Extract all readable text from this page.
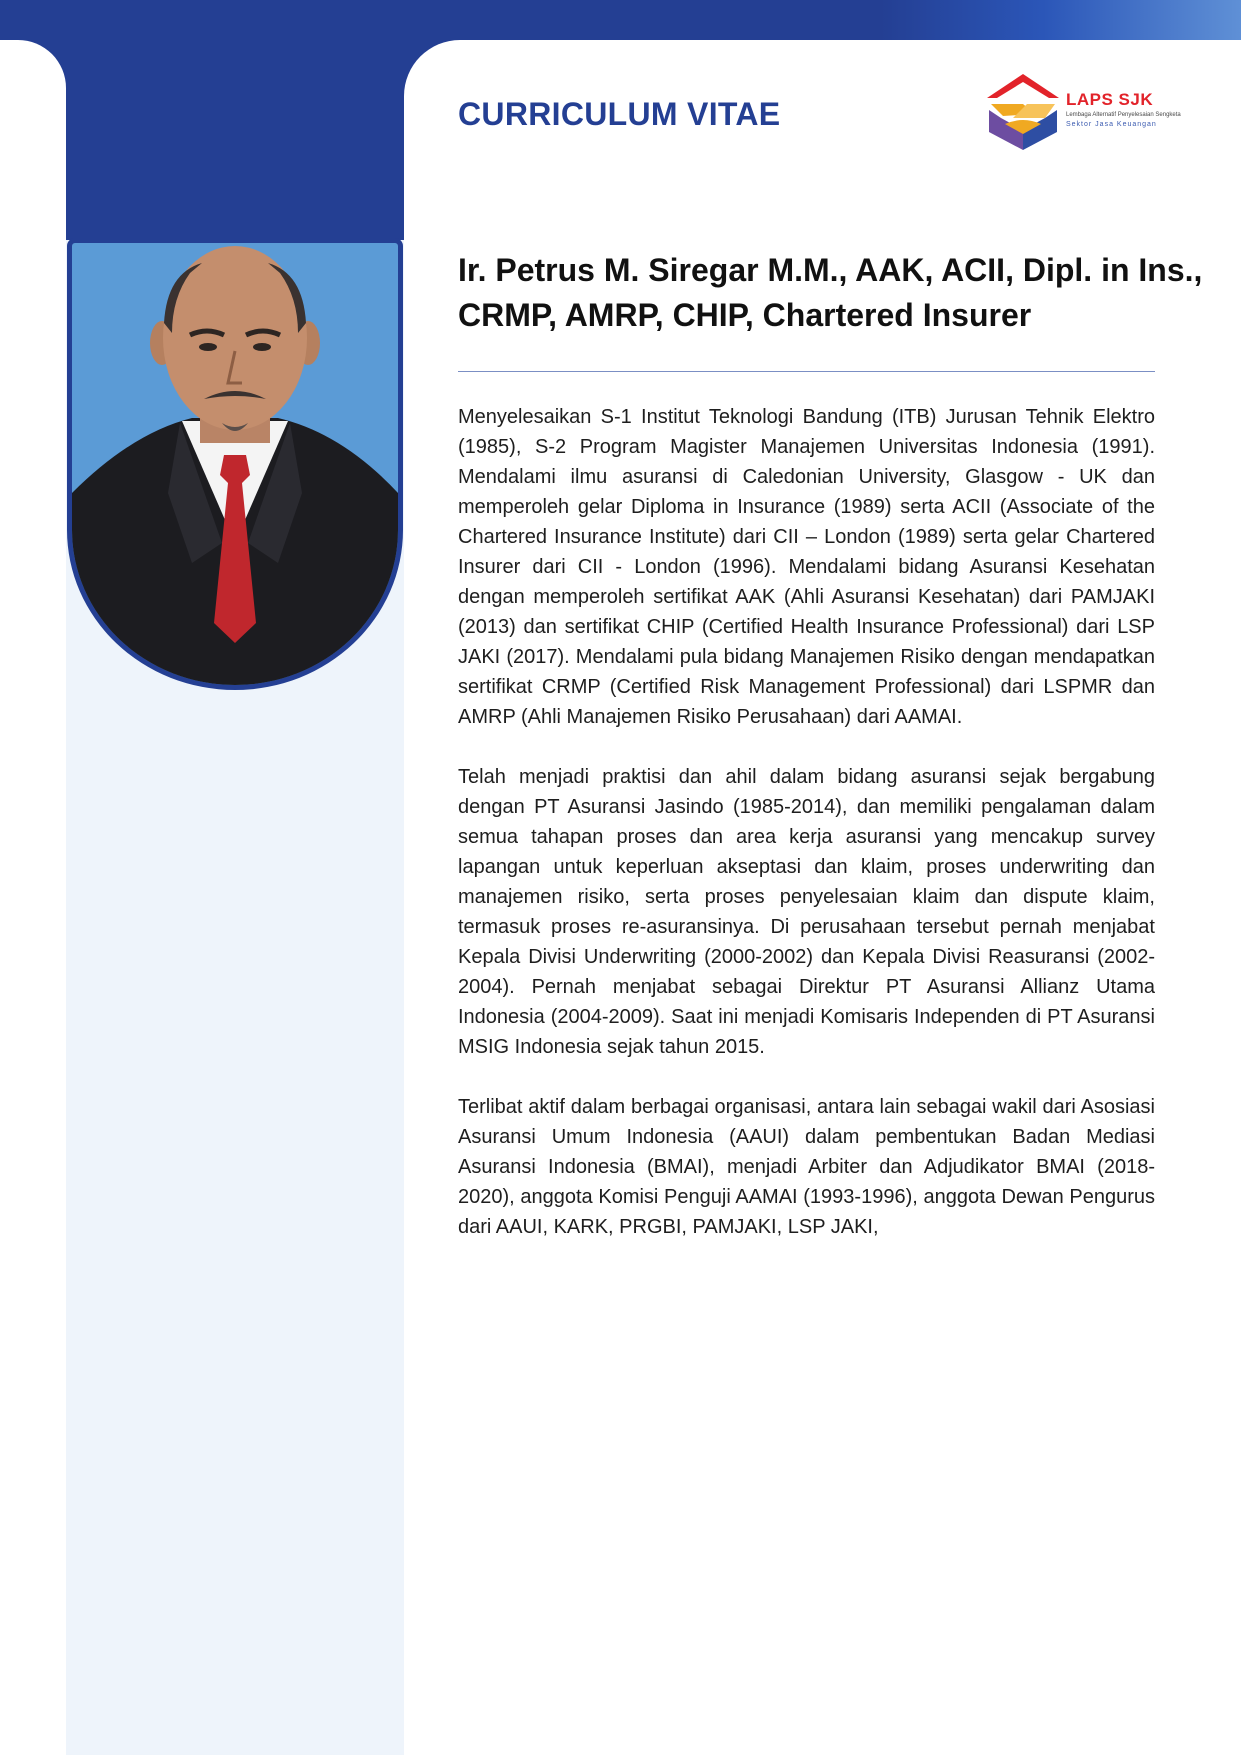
CURRICULUM VITAE	LAPS SJK

Lembaga Alternatif Penyelesaian Sengketa

Sektor Jasa Keuangan

Ir. Petrus M. Siregar M.M., AAK, ACII, Dipl. in Ins., CRMP, AMRP, CHIP, Chartered Insurer

Menyelesaikan S-1 Institut Teknologi Bandung (ITB) Jurusan Tehnik Elektro (1985), S-2 Program Magister Manajemen Universitas Indonesia (1991). Mendalami ilmu asuransi di Caledonian University, Glasgow - UK dan memperoleh gelar Diploma in Insurance (1989) serta ACII (Associate of the Chartered Insurance Institute) dari CII – London (1989) serta gelar Chartered Insurer dari CII - London (1996). Mendalami bidang Asuransi Kesehatan dengan memperoleh sertifikat AAK (Ahli Asuransi Kesehatan) dari PAMJAKI (2013) dan sertifikat CHIP (Certified Health Insurance Professional) dari LSP JAKI (2017). Mendalami pula bidang Manajemen Risiko dengan mendapatkan sertifikat CRMP (Certified Risk Management Professional) dari LSPMR dan AMRP (Ahli Manajemen Risiko Perusahaan) dari AAMAI.

Telah menjadi praktisi dan ahil dalam bidang asuransi sejak bergabung dengan PT Asuransi Jasindo (1985-2014), dan memiliki pengalaman dalam semua tahapan proses dan area kerja asuransi yang mencakup survey lapangan untuk keperluan akseptasi dan klaim, proses underwriting dan manajemen risiko, serta proses penyelesaian klaim dan dispute klaim, termasuk proses re-asuransinya. Di perusahaan tersebut pernah menjabat Kepala Divisi Underwriting (2000-2002) dan Kepala Divisi Reasuransi (2002-2004). Pernah menjabat sebagai Direktur PT Asuransi Allianz Utama Indonesia (2004-2009). Saat ini menjadi Komisaris Independen di PT Asuransi MSIG Indonesia sejak tahun 2015.

Terlibat aktif dalam berbagai organisasi, antara lain sebagai wakil dari Asosiasi Asuransi Umum Indonesia (AAUI) dalam pembentukan Badan Mediasi Asuransi Indonesia (BMAI), menjadi Arbiter dan Adjudikator BMAI (2018-2020), anggota Komisi Penguji AAMAI (1993-1996), anggota Dewan Pengurus dari AAUI, KARK, PRGBI, PAMJAKI, LSP JAKI,
